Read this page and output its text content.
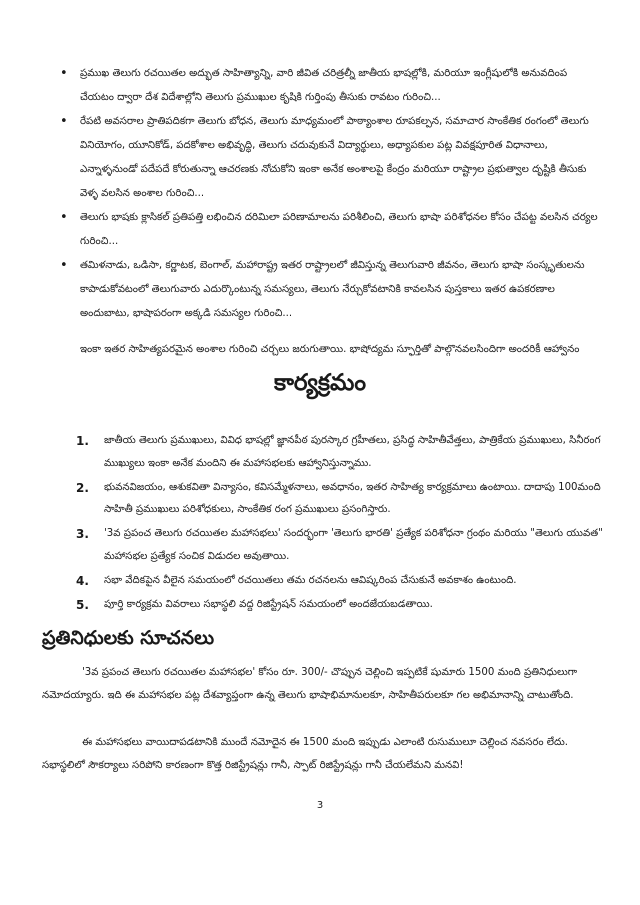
• ప్రముఖ తెలుగు రచయితల అద్భుత సాహిత్యాన్ని, వారి జీవిత చరిత్రల్నీ జాతీయ భాషల్లోకి, మరియూ ఇంగ్లీషులోకి అనువదింప చేయటం ద్వారా దేశ విదేశాల్లోని తెలుగు ప్రముఖుల కృషికి గుర్తింపు తీసుకు రావటం గురించి...
• రేపటి అవసరాల ప్రాతిపదికగా తెలుగు బోధన, తెలుగు మాధ్యమంలో పాఠ్యాంశాల రూపకల్పన, సమాచార సాంకేతిక రంగంలో తెలుగు వినియోగం, యూనికోడ్, పదకోశాల అభివృద్ధి, తెలుగు చదువుకునే విద్యార్థులు, అధ్యాపకుల పట్ల వివక్షపూరిత విధానాలు, ఎన్నాళ్ళనుండో పదేపదే కోరుతున్నా ఆచరణకు నోచుకోని ఇంకా అనేక అంశాలపై కేంద్రం మరియూ రాష్ట్రాల ప్రభుత్వాల దృష్టికి తీసుకు వెళ్ళ వలసిన అంశాల గురించి...
• తెలుగు భాషకు క్లాసికల్ ప్రతిపత్తి లభించిన దరిమిలా పరిణామాలను పరిశీలించి, తెలుగు భాషా పరిశోధనల కోసం చేపట్ట వలసిన చర్యల గురించి...
• తమిళనాడు, ఒడిసా, కర్ణాటక, బెంగాల్, మహారాష్ట్ర ఇతర రాష్ట్రాలలో జీవిస్తున్న తెలుగువారి జీవనం, తెలుగు భాషా సంస్కృతులను కాపాడుకోవటంలో తెలుగువారు ఎదుర్కొంటున్న సమస్యలు, తెలుగు నేర్చుకోవటానికి కావలసిన పుస్తకాలు ఇతర ఉపకరణాల అందుబాటు, భాషాపరంగా అక్కడి సమస్యల గురించి...

ఇంకా ఇతర సాహిత్యపరమైన అంశాల గురించి చర్చలు జరుగుతాయి. భాషోద్యమ స్ఫూర్తితో పాల్గొనవలసిందిగా అందరికీ ఆహ్వానం

కార్యక్రమం
1. జాతీయ తెలుగు ప్రముఖులు, వివిధ భాషల్లో జ్ఞానపీఠ పురస్కార గ్రహీతలు, ప్రసిద్ధ సాహితీవేత్తలు, పాత్రికేయ ప్రముఖులు, సినీరంగ ముఖ్యులు ఇంకా అనేక మందిని ఈ మహాసభలకు ఆహ్వానిస్తున్నాము.
2. భువనవిజయం, ఆశుకవితా విన్యాసం, కవిసమ్మేళనాలు, అవధానం, ఇతర సాహిత్య కార్యక్రమాలు ఉంటాయి. దాదాపు 100మంది సాహితీ ప్రముఖులు పరిశోధకులు, సాంకేతిక రంగ ప్రముఖులు ప్రసంగిస్తారు.
3. '3వ ప్రపంచ తెలుగు రచయితల మహాసభలు' సందర్భంగా 'తెలుగు భారతి' ప్రత్యేక పరిశోధనా గ్రంథం మరియు "తెలుగు యువత" మహాసభల ప్రత్యేక సంచిక విడుదల అవుతాయి.
4. సభా వేదికపైన వీలైన సమయంలో రచయితలు తమ రచనలను ఆవిష్కరింప చేసుకునే అవకాశం ఉంటుంది.
5. పూర్తి కార్యక్రమ వివరాలు సభాస్థలి వద్ద రిజిస్ట్రేషన్ సమయంలో అందజేయబడతాయి.
ప్రతినిధులకు సూచనలు

'3వ ప్రపంచ తెలుగు రచయితల మహాసభల' కోసం రూ. 300/- చొప్పున చెల్లించి ఇప్పటికే షుమారు 1500 మంది ప్రతినిధులుగా నమోదయ్యారు. ఇది ఈ మహాసభల పట్ల దేశవ్యాప్తంగా ఉన్న తెలుగు భాషాభిమానులకూ, సాహితీపరులకూ గల అభిమానాన్ని చాటుతోంది.

ఈ మహాసభలు వాయిదాపడటానికి ముందే నమోదైన ఈ 1500 మంది ఇప్పుడు ఎలాంటి రుసుములూ చెల్లించ నవసరం లేదు. సభాస్థలిలో సౌకర్యాలు సరిపోని కారణంగా కొత్త రిజిస్ట్రేషన్లు గానీ, స్పాట్ రిజిస్ట్రేషన్లు గానీ చేయలేమని మనవి!

3
